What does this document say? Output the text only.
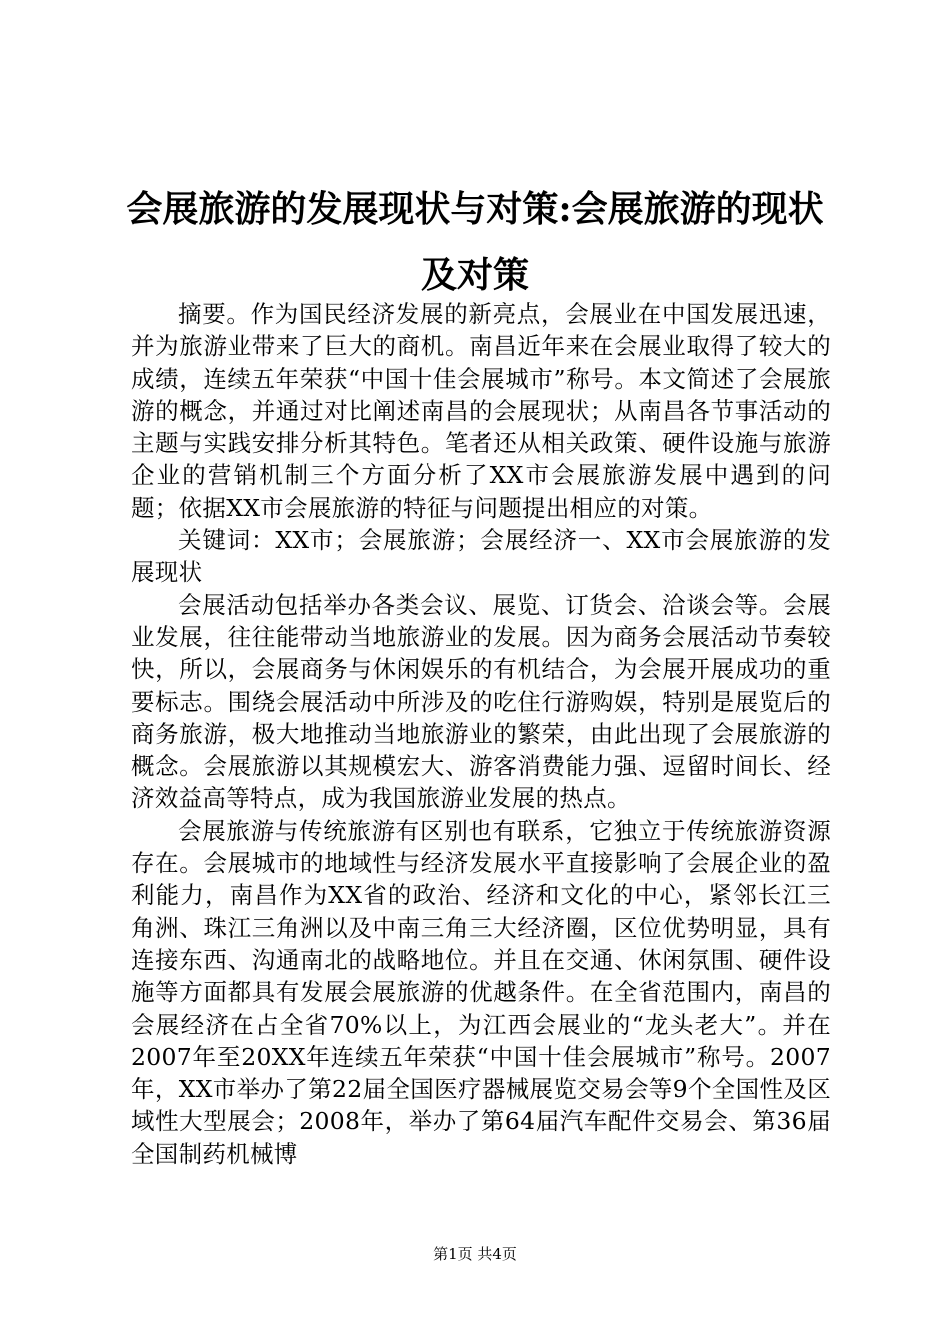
会展旅游的发展现状与对策:会展旅游的现状
及对策

摘要。作为国民经济发展的新亮点，会展业在中国发展迅速，并为旅游业带来了巨大的商机。南昌近年来在会展业取得了较大的成绩，连续五年荣获“中国十佳会展城市”称号。本文简述了会展旅游的概念，并通过对比阐述南昌的会展现状；从南昌各节事活动的主题与实践安排分析其特色。笔者还从相关政策、硬件设施与旅游企业的营销机制三个方面分析了XX市会展旅游发展中遇到的问题；依据XX市会展旅游的特征与问题提出相应的对策。

关键词：XX市；会展旅游；会展经济一、XX市会展旅游的发展现状

会展活动包括举办各类会议、展览、订货会、洽谈会等。会展业发展，往往能带动当地旅游业的发展。因为商务会展活动节奏较快，所以，会展商务与休闲娱乐的有机结合，为会展开展成功的重要标志。围绕会展活动中所涉及的吃住行游购娱，特别是展览后的商务旅游，极大地推动当地旅游业的繁荣，由此出现了会展旅游的概念。会展旅游以其规模宏大、游客消费能力强、逗留时间长、经济效益高等特点，成为我国旅游业发展的热点。

会展旅游与传统旅游有区别也有联系，它独立于传统旅游资源存在。会展城市的地域性与经济发展水平直接影响了会展企业的盈利能力，南昌作为XX省的政治、经济和文化的中心，紧邻长江三角洲、珠江三角洲以及中南三角三大经济圈，区位优势明显，具有连接东西、沟通南北的战略地位。并且在交通、休闲氛围、硬件设施等方面都具有发展会展旅游的优越条件。在全省范围内，南昌的会展经济在占全省70%以上，为江西会展业的“龙头老大”。并在2007年至20XX年连续五年荣获“中国十佳会展城市”称号。2007年，XX市举办了第22届全国医疗器械展览交易会等9个全国性及区域性大型展会；2008年，举办了第64届汽车配件交易会、第36届全国制药机械博

第1页 共4页
